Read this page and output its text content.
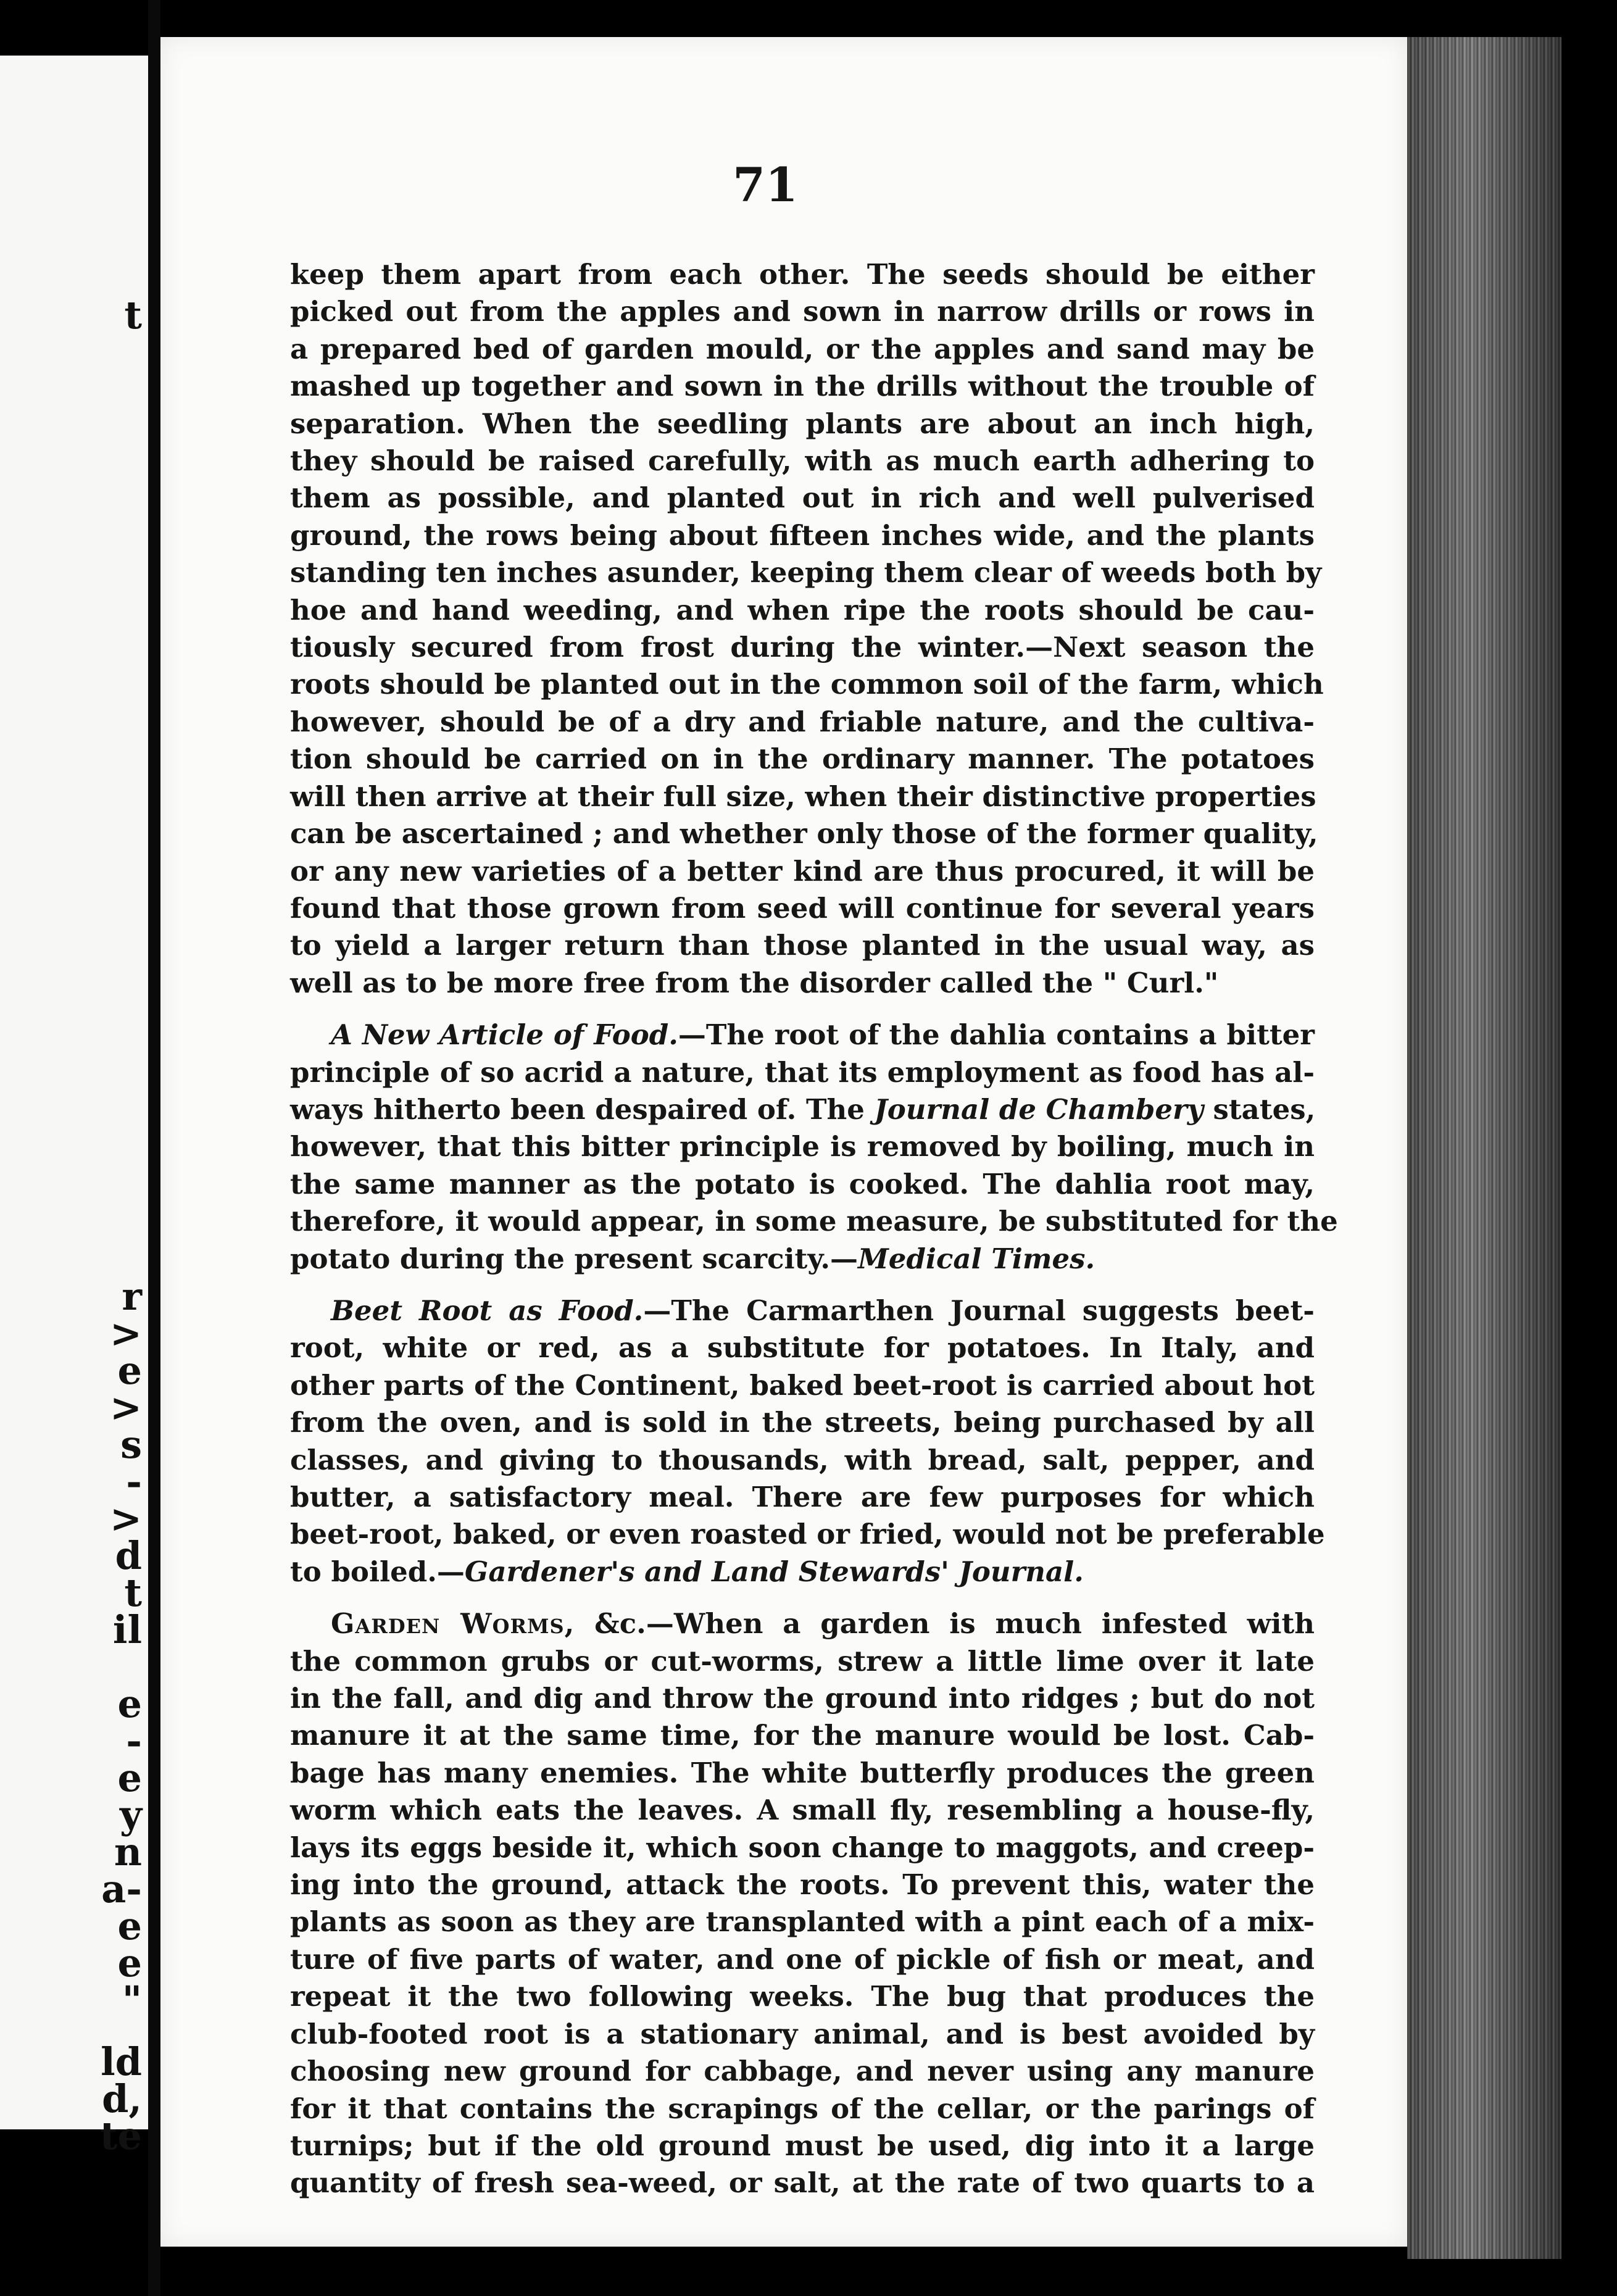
t
r
>
e
>
s
-
>
d
t
il
e
-
e
y
n
a-
e
e
"
ld
d,
te
71
keep them apart from each other. The seeds should be either
picked out from the apples and sown in narrow drills or rows in
a prepared bed of garden mould, or the apples and sand may be
mashed up together and sown in the drills without the trouble of
separation. When the seedling plants are about an inch high,
they should be raised carefully, with as much earth adhering to
them as possible, and planted out in rich and well pulverised
ground, the rows being about fifteen inches wide, and the plants
standing ten inches asunder, keeping them clear of weeds both by
hoe and hand weeding, and when ripe the roots should be cau-
tiously secured from frost during the winter.—Next season the
roots should be planted out in the common soil of the farm, which
however, should be of a dry and friable nature, and the cultiva-
tion should be carried on in the ordinary manner. The potatoes
will then arrive at their full size, when their distinctive properties
can be ascertained ; and whether only those of the former quality,
or any new varieties of a better kind are thus procured, it will be
found that those grown from seed will continue for several years
to yield a larger return than those planted in the usual way, as
well as to be more free from the disorder called the " Curl."
A New Article of Food.—The root of the dahlia contains a bitter
principle of so acrid a nature, that its employment as food has al-
ways hitherto been despaired of. The Journal de Chambery states,
however, that this bitter principle is removed by boiling, much in
the same manner as the potato is cooked. The dahlia root may,
therefore, it would appear, in some measure, be substituted for the
potato during the present scarcity.—Medical Times.
Beet Root as Food.—The Carmarthen Journal suggests beet-
root, white or red, as a substitute for potatoes. In Italy, and
other parts of the Continent, baked beet-root is carried about hot
from the oven, and is sold in the streets, being purchased by all
classes, and giving to thousands, with bread, salt, pepper, and
butter, a satisfactory meal. There are few purposes for which
beet-root, baked, or even roasted or fried, would not be preferable
to boiled.—Gardener's and Land Stewards' Journal.
Garden Worms, &c.—When a garden is much infested with
the common grubs or cut-worms, strew a little lime over it late
in the fall, and dig and throw the ground into ridges ; but do not
manure it at the same time, for the manure would be lost. Cab-
bage has many enemies. The white butterfly produces the green
worm which eats the leaves. A small fly, resembling a house-fly,
lays its eggs beside it, which soon change to maggots, and creep-
ing into the ground, attack the roots. To prevent this, water the
plants as soon as they are transplanted with a pint each of a mix-
ture of five parts of water, and one of pickle of fish or meat, and
repeat it the two following weeks. The bug that produces the
club-footed root is a stationary animal, and is best avoided by
choosing new ground for cabbage, and never using any manure
for it that contains the scrapings of the cellar, or the parings of
turnips; but if the old ground must be used, dig into it a large
quantity of fresh sea-weed, or salt, at the rate of two quarts to a
